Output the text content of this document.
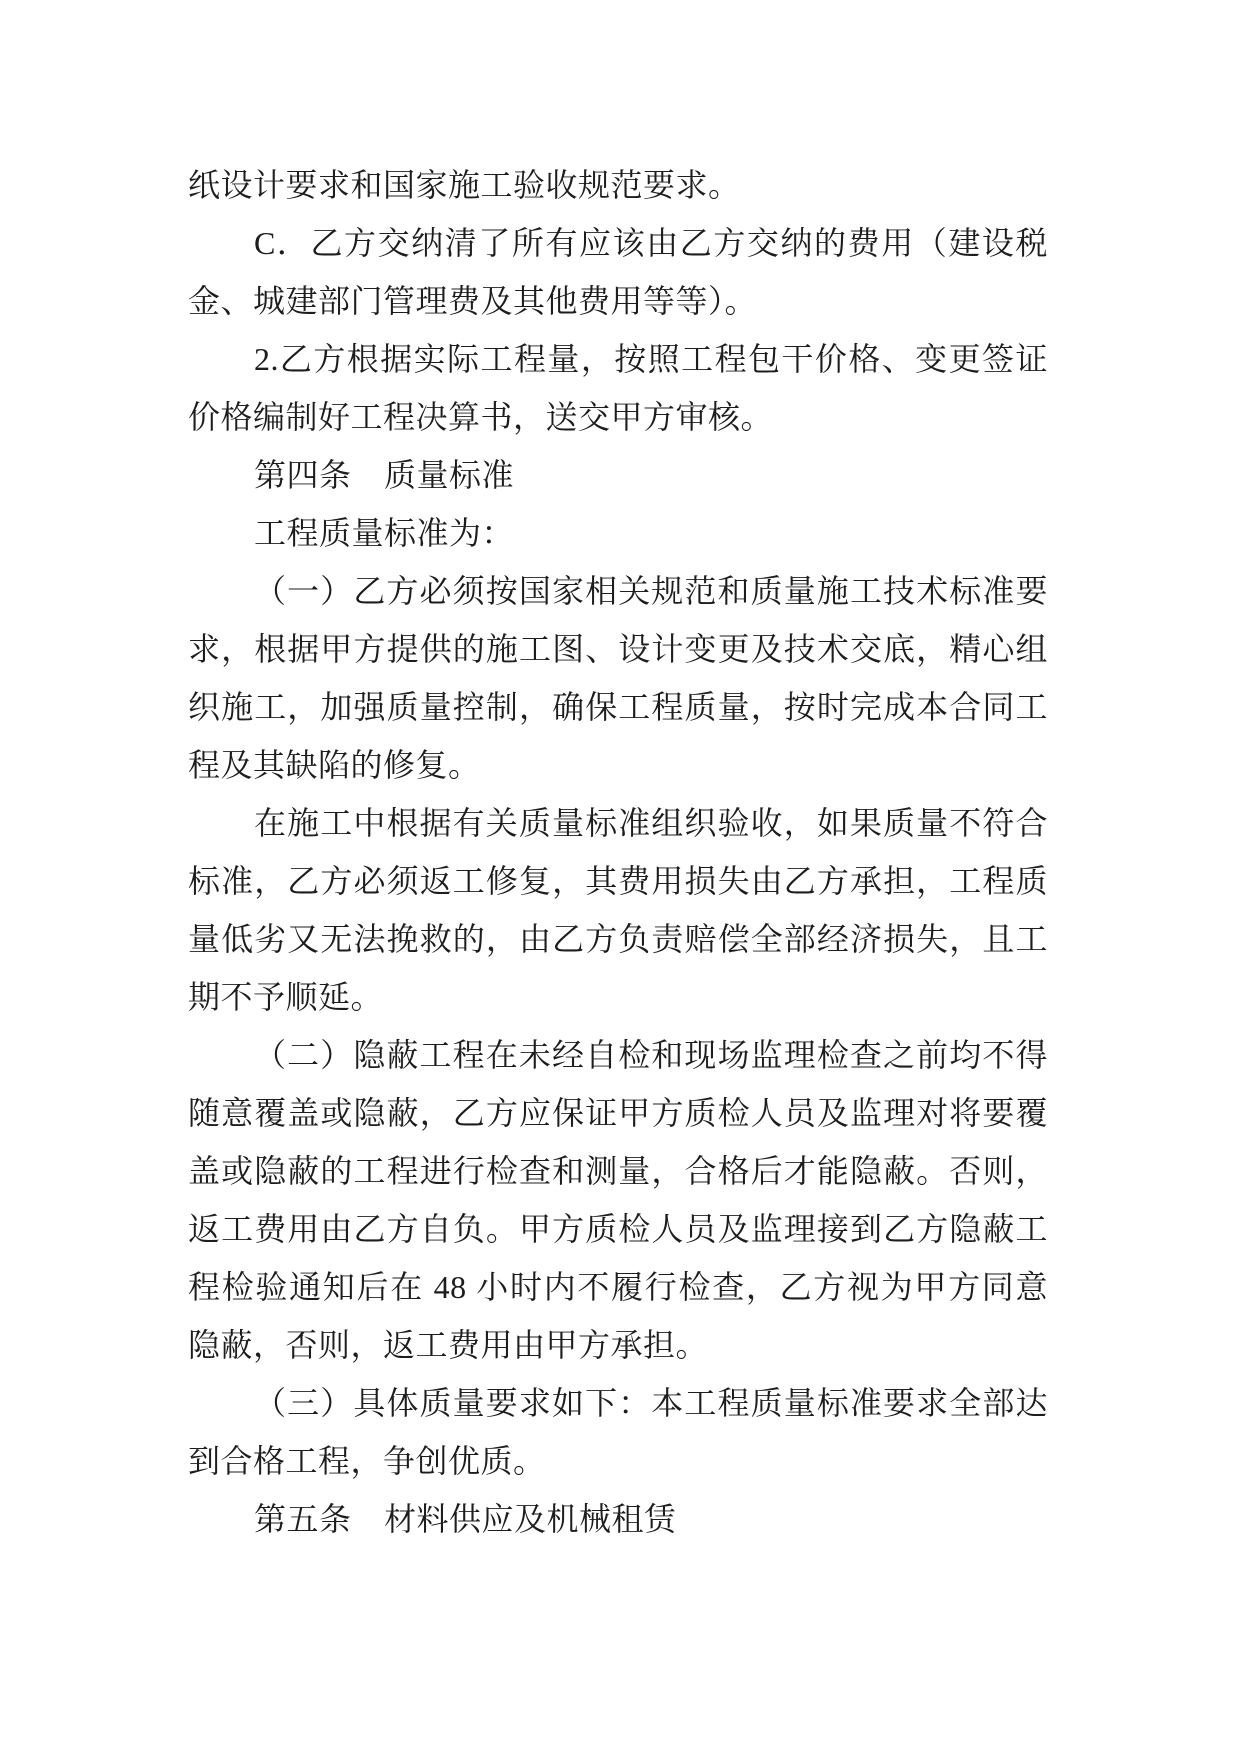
纸设计要求和国家施工验收规范要求。
C．乙方交纳清了所有应该由乙方交纳的费用（建设税
金、城建部门管理费及其他费用等等）。
2.乙方根据实际工程量，按照工程包干价格、变更签证
价格编制好工程决算书，送交甲方审核。
第四条　质量标准
工程质量标准为：
（一）乙方必须按国家相关规范和质量施工技术标准要
求，根据甲方提供的施工图、设计变更及技术交底，精心组
织施工，加强质量控制，确保工程质量，按时完成本合同工
程及其缺陷的修复。
在施工中根据有关质量标准组织验收，如果质量不符合
标准，乙方必须返工修复，其费用损失由乙方承担，工程质
量低劣又无法挽救的，由乙方负责赔偿全部经济损失，且工
期不予顺延。
（二）隐蔽工程在未经自检和现场监理检查之前均不得
随意覆盖或隐蔽，乙方应保证甲方质检人员及监理对将要覆
盖或隐蔽的工程进行检查和测量，合格后才能隐蔽。否则，
返工费用由乙方自负。甲方质检人员及监理接到乙方隐蔽工
程检验通知后在 48 小时内不履行检查，乙方视为甲方同意
隐蔽，否则，返工费用由甲方承担。
（三）具体质量要求如下：本工程质量标准要求全部达
到合格工程，争创优质。
第五条　材料供应及机械租赁
